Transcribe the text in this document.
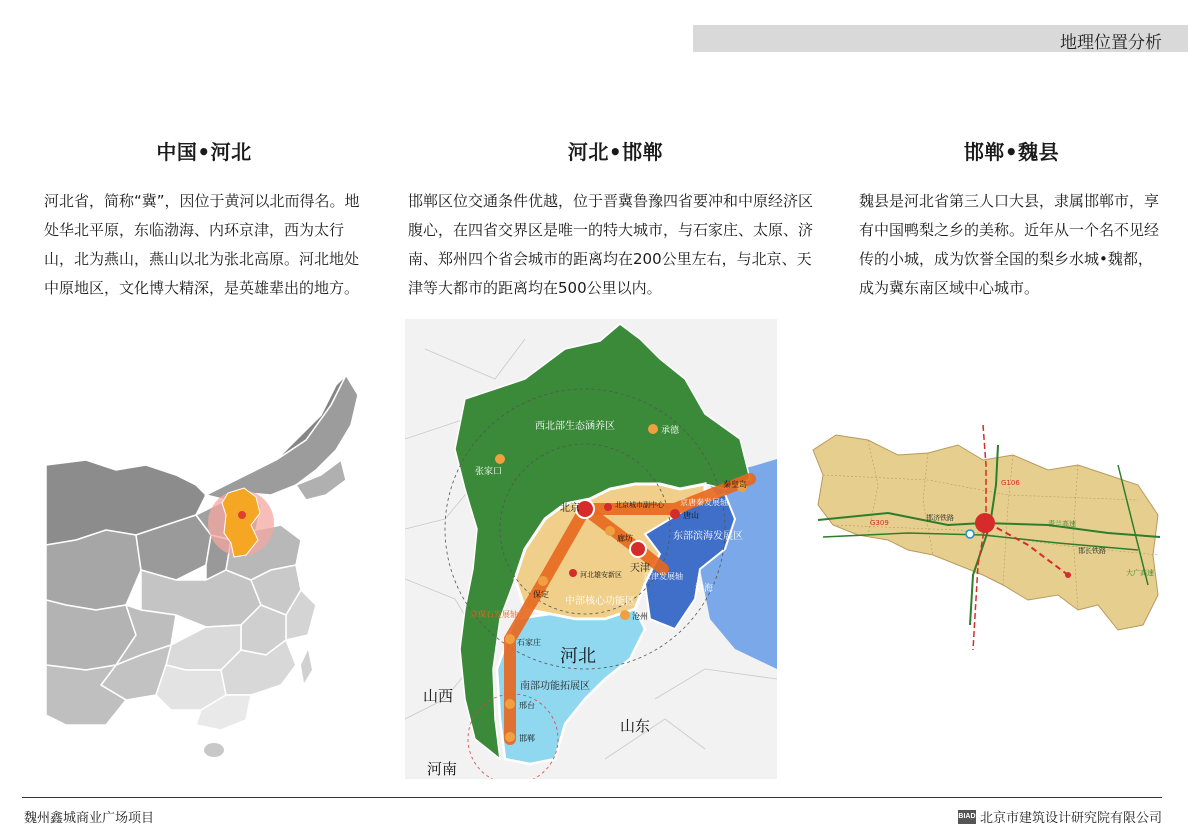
地理位置分析
中国•河北

河北省，简称“冀”，因位于黄河以北而得名。地处华北平原，东临渤海、内环京津，西为太行山，北为燕山，燕山以北为张北高原。河北地处中原地区，文化博大精深，是英雄辈出的地方。

河北•邯郸

邯郸区位交通条件优越，位于晋冀鲁豫四省要冲和中原经济区腹心，在四省交界区是唯一的特大城市，与石家庄、太原、济南、郑州四个省会城市的距离均在200公里左右，与北京、天津等大都市的距离均在500公里以内。

邯郸•魏县

魏县是河北省第三人口大县，隶属邯郸市，享有中国鸭梨之乡的美称。近年从一个名不见经传的小城，成为饮誉全国的梨乡水城•魏都，成为冀东南区域中心城市。

西北部生态涵养区
中部核心功能区
东部滨海发展区
南部功能拓展区
京唐秦发展轴
京津发展轴
京保石发展轴
北京
天津
承德
张家口
秦皇岛
唐山
廊坊
保定
沧州
石家庄
邢台
邯郸
河北雄安新区
北京城市副中心
河北
山西
山东
河南
渤海
G309
G106
邯济铁路
邯长铁路
青兰高速
大广高速
魏州鑫城商业广场项目	BIAD 北京市建筑设计研究院有限公司
